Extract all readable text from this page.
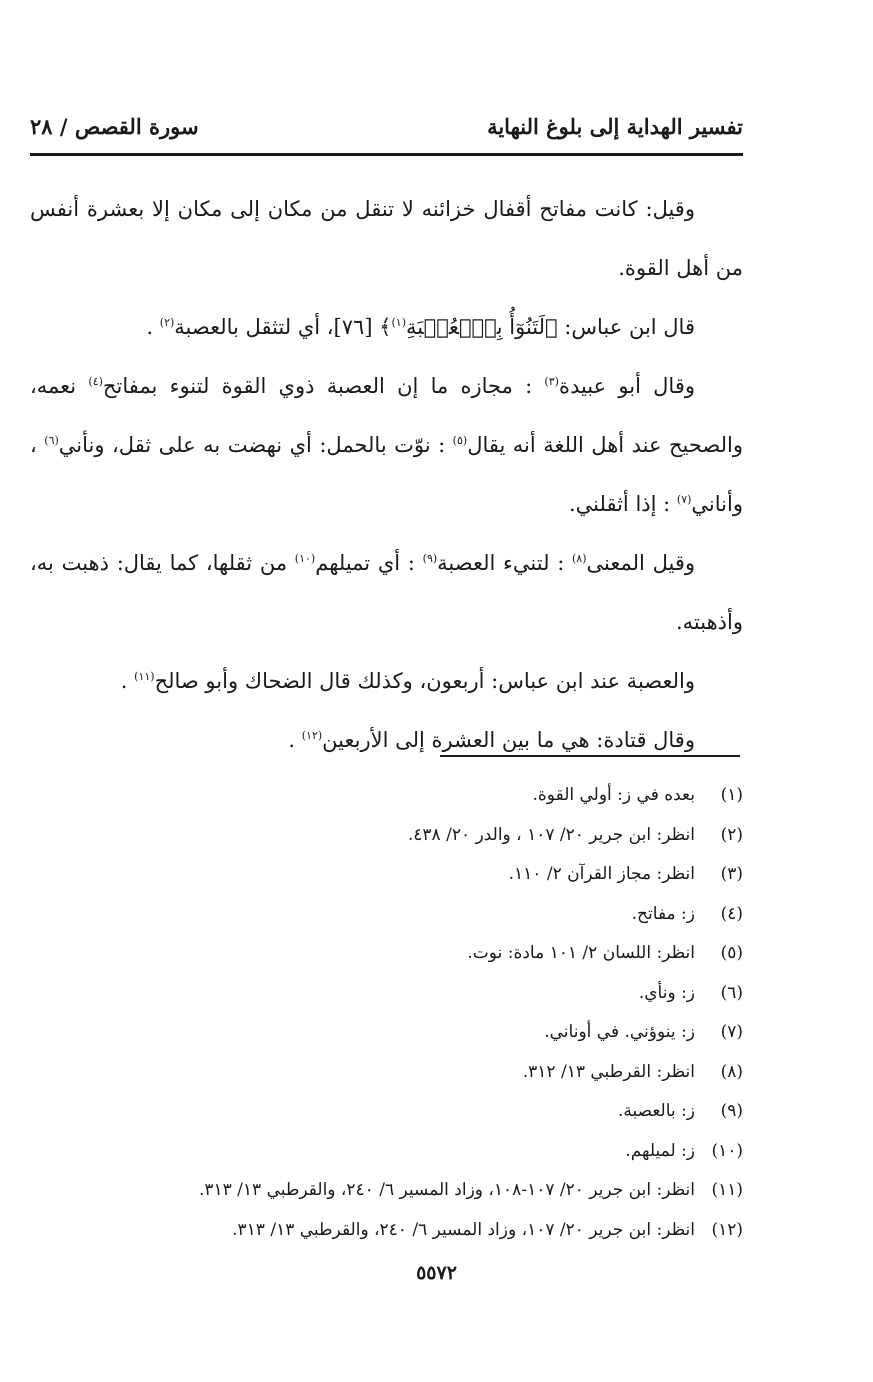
تفسير الهداية إلى بلوغ النهاية
سورة القصص / ٢٨

وقيل: كانت مفاتح أقفال خزائنه لا تنقل من مكان إلى مكان إلا بعشرة أنفس من أهل القوة.

قال ابن عباس: ﴿لَتَنُوٓأُ بِٱلۡعُصۡبَةِ$^{(١)}$﴾ [٧٦]، أي لتثقل بالعصبة$^{(٢)}$ .

وقال أبو عبيدة$^{(٣)}$ : مجازه ما إن العصبة ذوي القوة لتنوء بمفاتح$^{(٤)}$ نعمه، والصحيح عند أهل اللغة أنه يقال$^{(٥)}$ : نوّت بالحمل: أي نهضت به على ثقل، ونأني$^{(٦)}$ ، وأناني$^{(٧)}$ : إذا أثقلني.

وقيل المعنى$^{(٨)}$ : لتنيء العصبة$^{(٩)}$ : أي تميلهم$^{(١٠)}$ من ثقلها، كما يقال: ذهبت به، وأذهبته.

والعصبة عند ابن عباس: أربعون، وكذلك قال الضحاك وأبو صالح$^{(١١)}$ .

وقال قتادة: هي ما بين العشرة إلى الأربعين$^{(١٢)}$ .

(١)بعده في ز: أولي القوة.
(٢)انظر: ابن جرير ٢٠/ ١٠٧ ، والدر ٢٠/ ٤٣٨.
(٣)انظر: مجاز القرآن ٢/ ١١٠.
(٤)ز: مفاتح.
(٥)انظر: اللسان ٢/ ١٠١ مادة: نوت.
(٦)ز: ونأي.
(٧)ز: ينوؤني. في أوناني.
(٨)انظر: القرطبي ١٣/ ٣١٢.
(٩)ز: بالعصبة.
(١٠)ز: لميلهم.
(١١)انظر: ابن جرير ٢٠/ ١٠٧-١٠٨، وزاد المسير ٦/ ٢٤٠، والقرطبي ١٣/ ٣١٣.
(١٢)انظر: ابن جرير ٢٠/ ١٠٧، وزاد المسير ٦/ ٢٤٠، والقرطبي ١٣/ ٣١٣.
٥٥٧٢
